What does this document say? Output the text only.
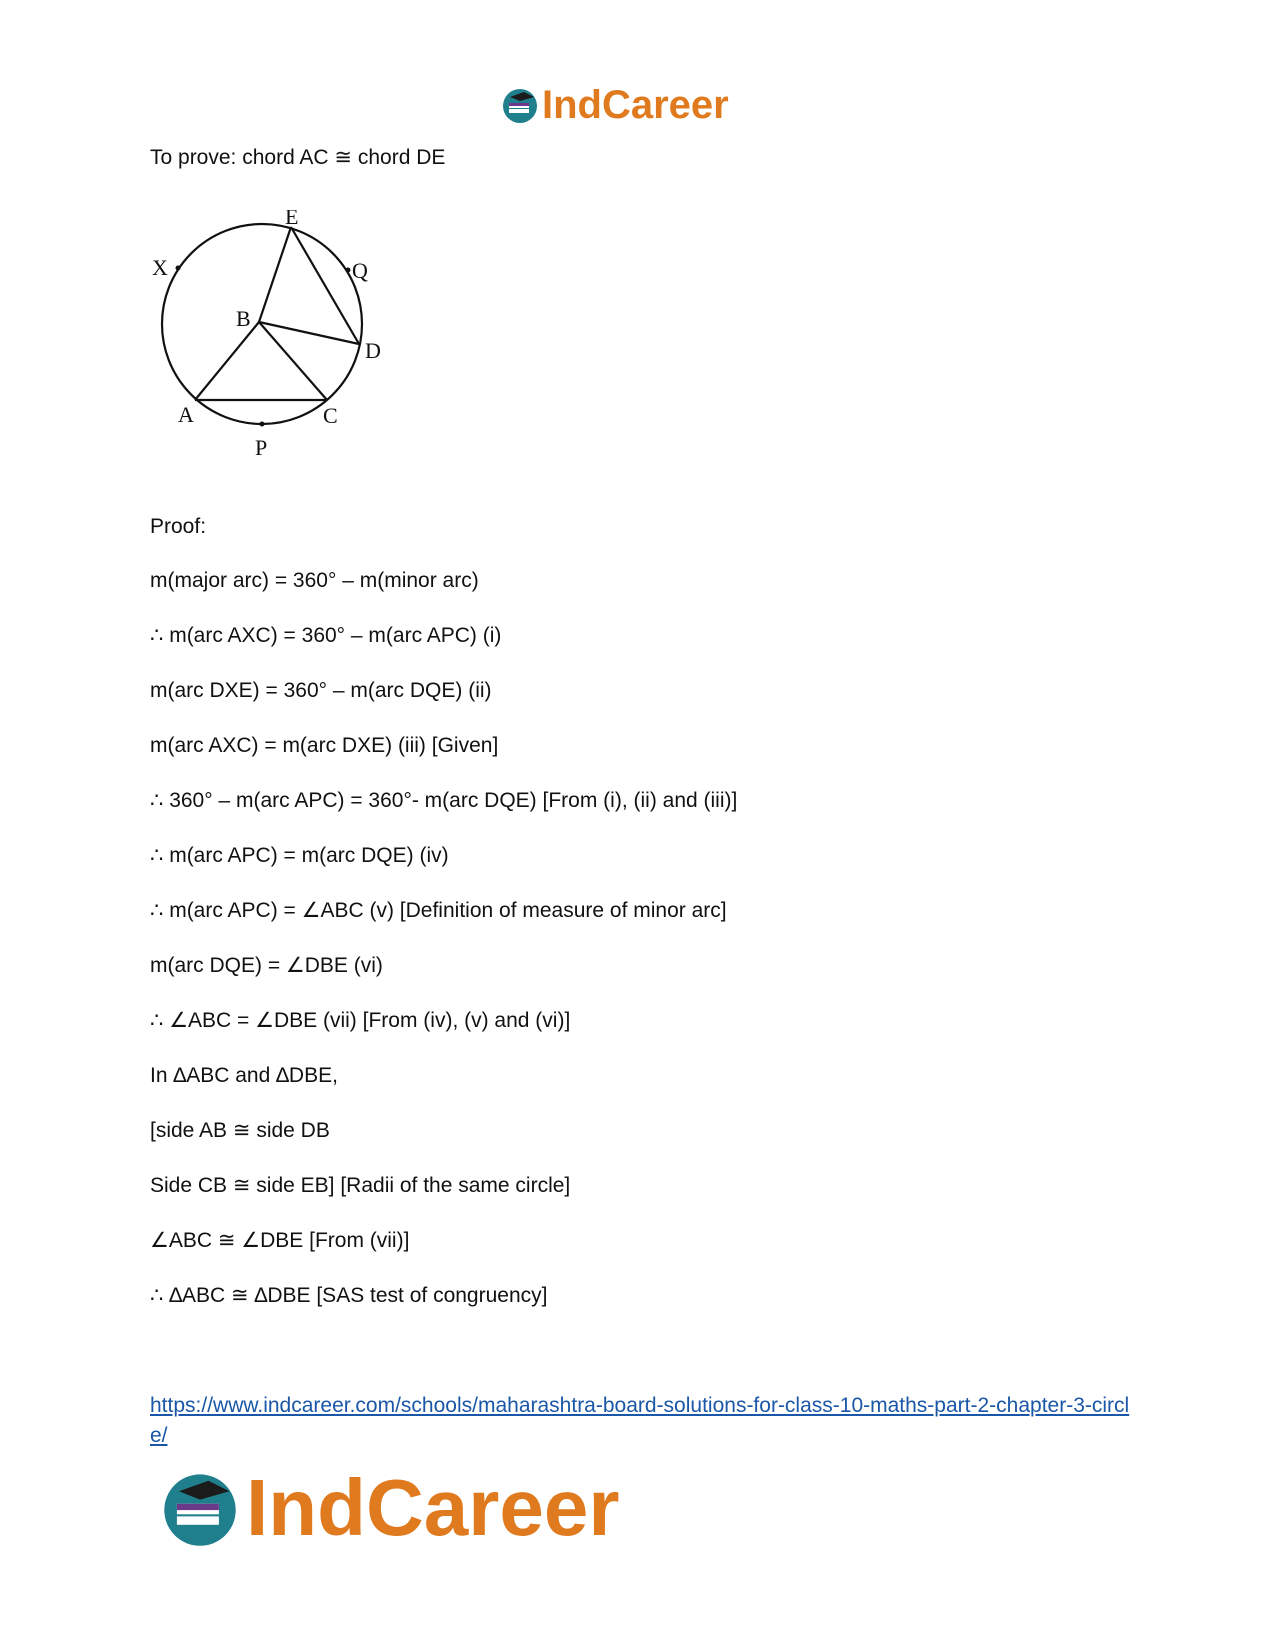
IndCareer
To prove: chord AC ≅ chord DE
E
X	Q
B
D
A	C
P
Proof:
m(major arc) = 360° – m(minor arc)
∴ m(arc AXC) = 360° – m(arc APC) (i)
m(arc DXE) = 360° – m(arc DQE) (ii)
m(arc AXC) = m(arc DXE) (iii) [Given]
∴ 360° – m(arc APC) = 360°- m(arc DQE) [From (i), (ii) and (iii)]
∴ m(arc APC) = m(arc DQE) (iv)
∴ m(arc APC) = ∠ABC (v) [Definition of measure of minor arc]
m(arc DQE) = ∠DBE (vi)
∴ ∠ABC = ∠DBE (vii) [From (iv), (v) and (vi)]
In ∆ABC and ∆DBE,
[side AB ≅ side DB
Side CB ≅ side EB] [Radii of the same circle]
∠ABC ≅ ∠DBE [From (vii)]
∴ ∆ABC ≅ ∆DBE [SAS test of congruency]
https://www.indcareer.com/schools/maharashtra-board-solutions-for-class-10-maths-part-2-chapter-3-circle/
IndCareer
